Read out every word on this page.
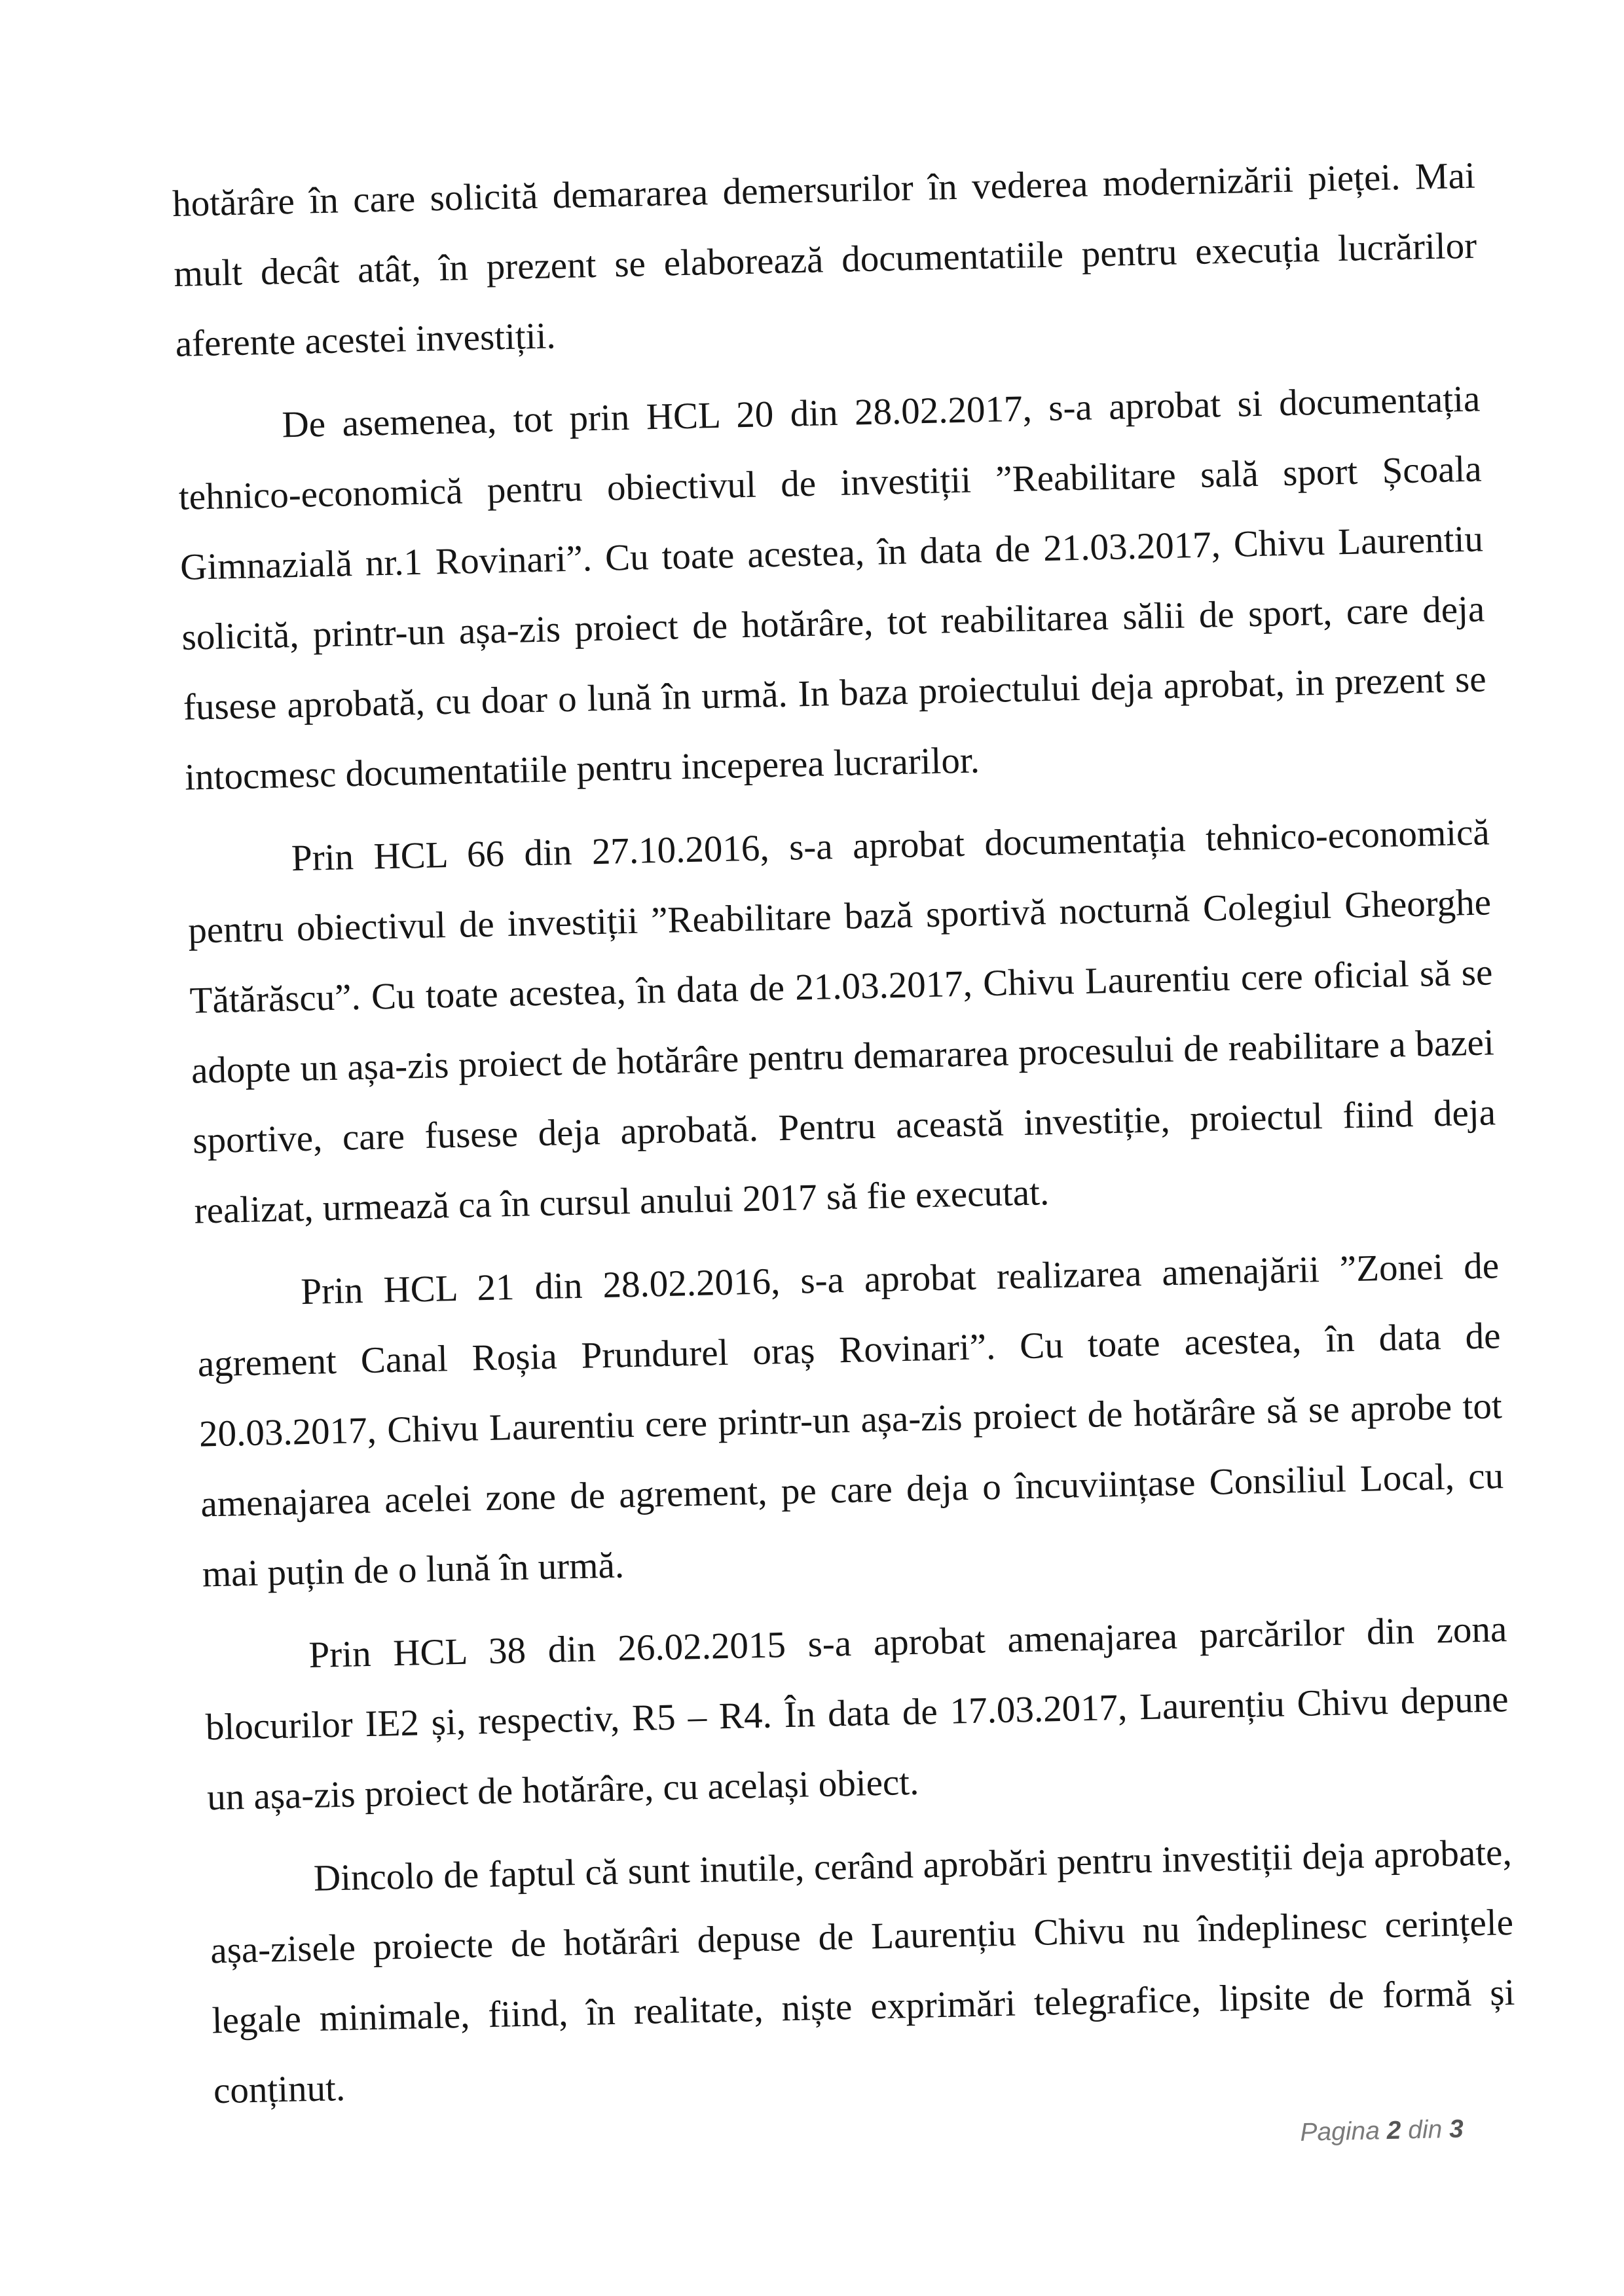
hotărâre în care solicită demararea demersurilor în vederea modernizării pieței. Mai mult decât atât, în prezent se elaborează documentatiile pentru execuția lucrărilor aferente acestei investiții.

De asemenea, tot prin HCL 20 din 28.02.2017, s-a aprobat si documentația tehnico-economică pentru obiectivul de investiții ”Reabilitare sală sport Școala Gimnazială nr.1 Rovinari”. Cu toate acestea, în data de 21.03.2017, Chivu Laurentiu solicită, printr-un așa-zis proiect de hotărâre, tot reabilitarea sălii de sport, care deja fusese aprobată, cu doar o lună în urmă. In baza proiectului deja aprobat, in prezent se intocmesc documentatiile pentru inceperea lucrarilor.

Prin HCL 66 din 27.10.2016, s-a aprobat documentația tehnico-economică pentru obiectivul de investiții ”Reabilitare bază sportivă nocturnă Colegiul Gheorghe Tătărăscu”. Cu toate acestea, în data de 21.03.2017, Chivu Laurentiu cere oficial să se adopte un așa-zis proiect de hotărâre pentru demararea procesului de reabilitare a bazei sportive, care fusese deja aprobată. Pentru această investiție, proiectul fiind deja realizat, urmează ca în cursul anului 2017 să fie executat.

Prin HCL 21 din 28.02.2016, s-a aprobat realizarea amenajării ”Zonei de agrement Canal Roșia Prundurel oraș Rovinari”. Cu toate acestea, în data de 20.03.2017, Chivu Laurentiu cere printr-un așa-zis proiect de hotărâre să se aprobe tot amenajarea acelei zone de agrement, pe care deja o încuviințase Consiliul Local, cu mai puțin de o lună în urmă.

Prin HCL 38 din 26.02.2015 s-a aprobat amenajarea parcărilor din zona blocurilor IE2 și, respectiv, R5 – R4. În data de 17.03.2017, Laurențiu Chivu depune un așa-zis proiect de hotărâre, cu același obiect.

Dincolo de faptul că sunt inutile, cerând aprobări pentru investiții deja aprobate, așa-zisele proiecte de hotărâri depuse de Laurențiu Chivu nu îndeplinesc cerințele legale minimale, fiind, în realitate, niște exprimări telegrafice, lipsite de formă și conținut.

Pagina 2 din 3
